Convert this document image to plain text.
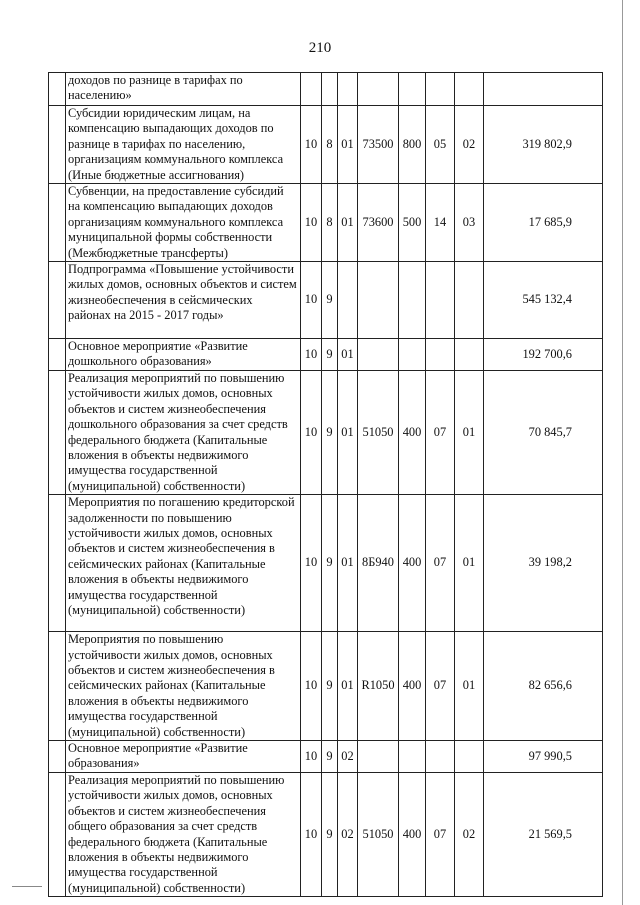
210
	доходов по разнице в тарифах по населению»								
	Субсидии юридическим лицам, на компенсацию выпадающих доходов по разнице в тарифах по населению, организациям коммунального комплекса (Иные бюджетные ассигнования)	10	8	01	73500	800	05	02	319 802,9
	Субвенции, на предоставление субсидий на компенсацию выпадающих доходов организациям коммунального комплекса муниципальной формы собственности (Межбюджетные трансферты)	10	8	01	73600	500	14	03	17 685,9
	Подпрограмма «Повышение устойчивости жилых домов, основных объектов и систем жизнеобеспечения в сейсмических районах на 2015 - 2017 годы»	10	9						545 132,4
	Основное мероприятие «Развитие дошкольного образования»	10	9	01					192 700,6
	Реализация мероприятий по повышению устойчивости жилых домов, основных объектов и систем жизнеобеспечения дошкольного образования за счет средств федерального бюджета (Капитальные вложения в объекты недвижимого имущества государственной (муниципальной) собственности)	10	9	01	51050	400	07	01	70 845,7
	Мероприятия по погашению кредиторской задолженности по повышению устойчивости жилых домов, основных объектов и систем жизнеобеспечения в сейсмических районах (Капитальные вложения в объекты недвижимого имущества государственной (муниципальной) собственности)	10	9	01	8Б940	400	07	01	39 198,2
	Мероприятия по повышению устойчивости жилых домов, основных объектов и систем жизнеобеспечения в сейсмических районах (Капитальные вложения в объекты недвижимого имущества государственной (муниципальной) собственности)	10	9	01	R1050	400	07	01	82 656,6
	Основное мероприятие «Развитие образования»	10	9	02					97 990,5
	Реализация мероприятий по повышению устойчивости жилых домов, основных объектов и систем жизнеобеспечения общего образования за счет средств федерального бюджета (Капитальные вложения в объекты недвижимого имущества государственной (муниципальной) собственности)	10	9	02	51050	400	07	02	21 569,5
